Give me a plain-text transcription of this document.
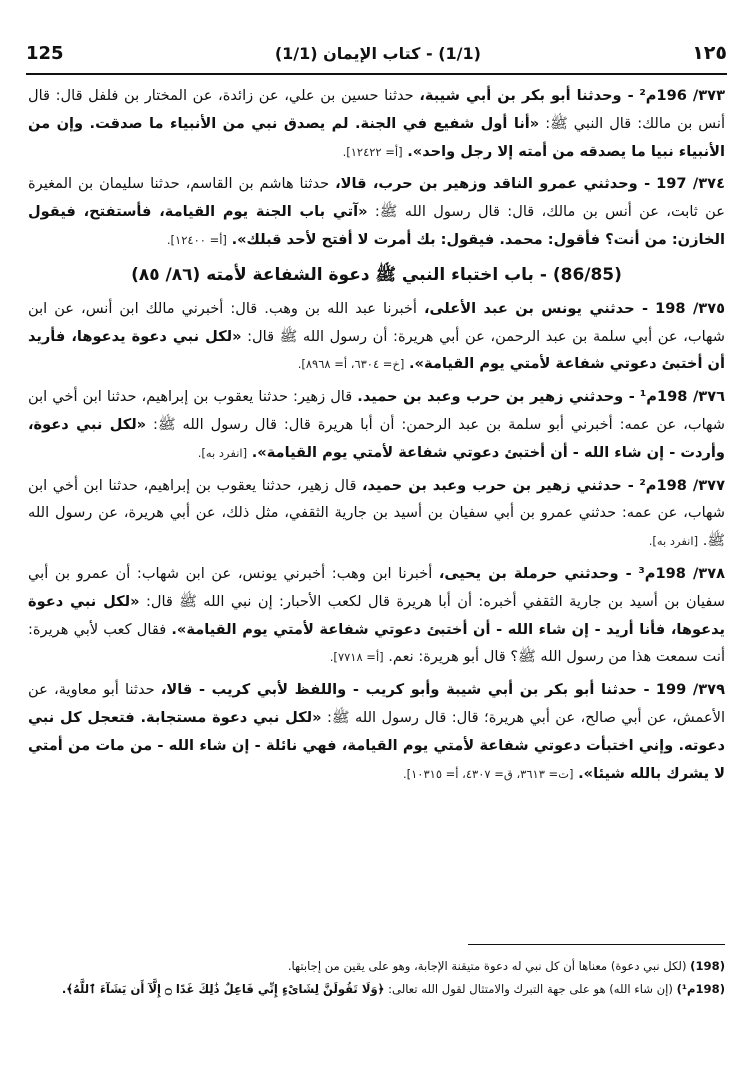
125	(1/1) - كتاب الإيمان (1/1)	١٢٥

٣٧٣/ 196م² - وحدثنا أبو بكر بن أبي شيبة، حدثنا حسين بن علي، عن زائدة، عن المختار بن فلفل قال: قال أنس بن مالك: قال النبي ﷺ: «أنا أول شفيع في الجنة. لم يصدق نبي من الأنبياء ما صدقت. وإن من الأنبياء نبيا ما يصدقه من أمته إلا رجل واحد». [أ= ١٢٤٢٢].

٣٧٤/ 197 - وحدثني عمرو الناقد وزهير بن حرب، قالا، حدثنا هاشم بن القاسم، حدثنا سليمان بن المغيرة عن ثابت، عن أنس بن مالك، قال: قال رسول الله ﷺ: «آتي باب الجنة يوم القيامة، فأستفتح، فيقول الخازن: من أنت؟ فأقول: محمد. فيقول: بك أمرت لا أفتح لأحد قبلك». [أ= ١٢٤٠٠].

(86/85) - باب اختباء النبي ﷺ دعوة الشفاعة لأمته (٨٦/ ٨٥)

٣٧٥/ 198 - حدثني يونس بن عبد الأعلى، أخبرنا عبد الله بن وهب. قال: أخبرني مالك ابن أنس، عن ابن شهاب، عن أبي سلمة بن عبد الرحمن، عن أبي هريرة: أن رسول الله ﷺ قال: «لكل نبي دعوة يدعوها، فأريد أن أختبئ دعوتي شفاعة لأمتي يوم القيامة». [خ= ٦٣٠٤، أ= ٨٩٦٨].

٣٧٦/ 198م¹ - وحدثني زهير بن حرب وعبد بن حميد. قال زهير: حدثنا يعقوب بن إبراهيم، حدثنا ابن أخي ابن شهاب، عن عمه: أخبرني أبو سلمة بن عبد الرحمن: أن أبا هريرة قال: قال رسول الله ﷺ: «لكل نبي دعوة، وأردت - إن شاء الله - أن أختبئ دعوتي شفاعة لأمتي يوم القيامة». [انفرد به].

٣٧٧/ 198م² - حدثني زهير بن حرب وعبد بن حميد، قال زهير، حدثنا يعقوب بن إبراهيم، حدثنا ابن أخي ابن شهاب، عن عمه: حدثني عمرو بن أبي سفيان بن أسيد بن جارية الثقفي، مثل ذلك، عن أبي هريرة، عن رسول الله ﷺ. [انفرد به].

٣٧٨/ 198م³ - وحدثني حرملة بن يحيى، أخبرنا ابن وهب: أخبرني يونس، عن ابن شهاب: أن عمرو بن أبي سفيان بن أسيد بن جارية الثقفي أخبره: أن أبا هريرة قال لكعب الأحبار: إن نبي الله ﷺ قال: «لكل نبي دعوة يدعوها، فأنا أريد - إن شاء الله - أن أختبئ دعوتي شفاعة لأمتي يوم القيامة». فقال كعب لأبي هريرة: أنت سمعت هذا من رسول الله ﷺ؟ قال أبو هريرة: نعم. [أ= ٧٧١٨].

٣٧٩/ 199 - حدثنا أبو بكر بن أبي شيبة وأبو كريب - واللفظ لأبي كريب - قالا، حدثنا أبو معاوية، عن الأعمش، عن أبي صالح، عن أبي هريرة؛ قال: قال رسول الله ﷺ: «لكل نبي دعوة مستجابة. فتعجل كل نبي دعوته. وإني اختبأت دعوتي شفاعة لأمتي يوم القيامة، فهي نائلة - إن شاء الله - من مات من أمتي لا يشرك بالله شيئا». [ت= ٣٦١٣، ق= ٤٣٠٧، أ= ١٠٣١٥].

(198) (لكل نبي دعوة) معناها أن كل نبي له دعوة متيقنة الإجابة، وهو على يقين من إجابتها.
(198م¹) (إن شاء الله) هو على جهة التبرك والامتثال لقول الله تعالى: ﴿وَلَا تَقُولَنَّ لِشَاىْءٍ إِنِّي فَاعِلٌ ذَٰلِكَ غَدًا ۝ إِلَّآ أَن يَشَآءَ ٱللَّهُ﴾.
